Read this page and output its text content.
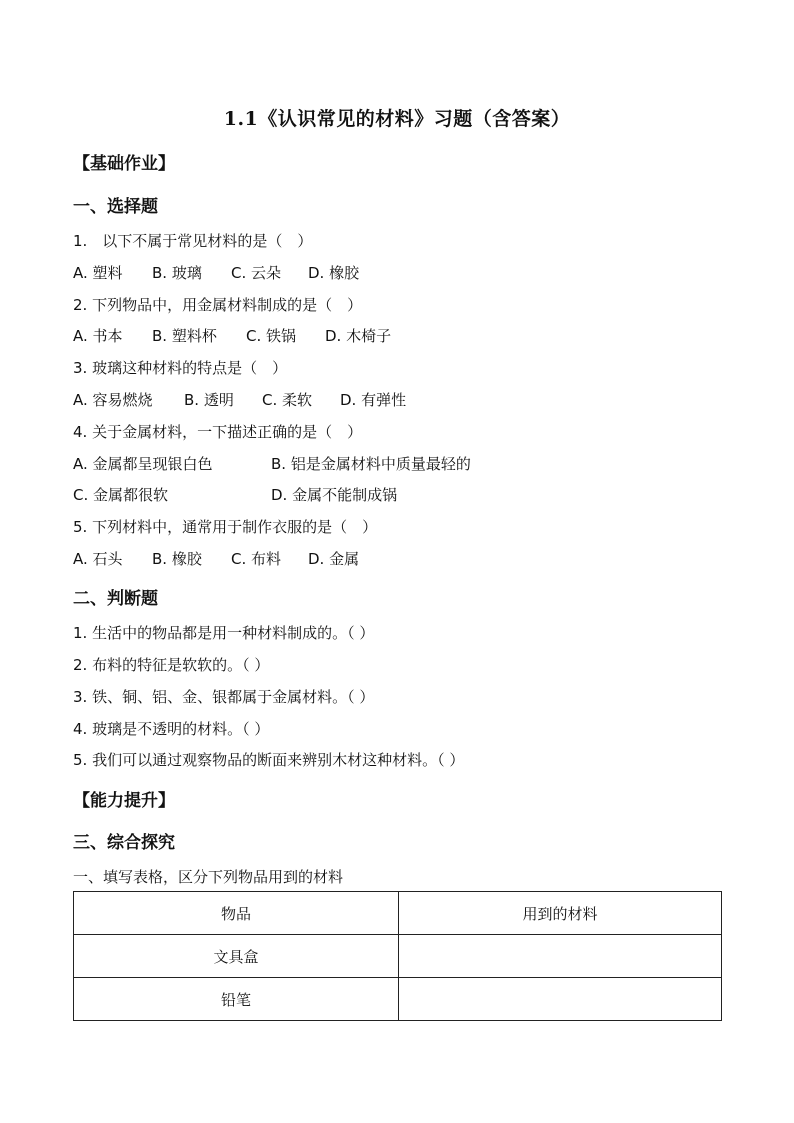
1.1《认识常见的材料》习题（含答案）
【基础作业】
一、选择题
1.　以下不属于常见材料的是（　）
A. 塑料 B. 玻璃 C. 云朵 D. 橡胶
2. 下列物品中，用金属材料制成的是（　）
A. 书本 B. 塑料杯 C. 铁锅 D. 木椅子
3. 玻璃这种材料的特点是（　）
A. 容易燃烧 B. 透明 C. 柔软 D. 有弹性
4. 关于金属材料，一下描述正确的是（　）
A. 金属都呈现银白色	B. 铝是金属材料中质量最轻的
C. 金属都很软	D. 金属不能制成锅
5. 下列材料中，通常用于制作衣服的是（　）
A. 石头 B. 橡胶 C. 布料 D. 金属
二、判断题
1. 生活中的物品都是用一种材料制成的。（ ）
2. 布料的特征是软软的。（ ）
3. 铁、铜、铝、金、银都属于金属材料。（ ）
4. 玻璃是不透明的材料。（ ）
5. 我们可以通过观察物品的断面来辨别木材这种材料。（ ）
【能力提升】
三、综合探究
一、填写表格，区分下列物品用到的材料
物品	用到的材料
文具盒	
铅笔	
